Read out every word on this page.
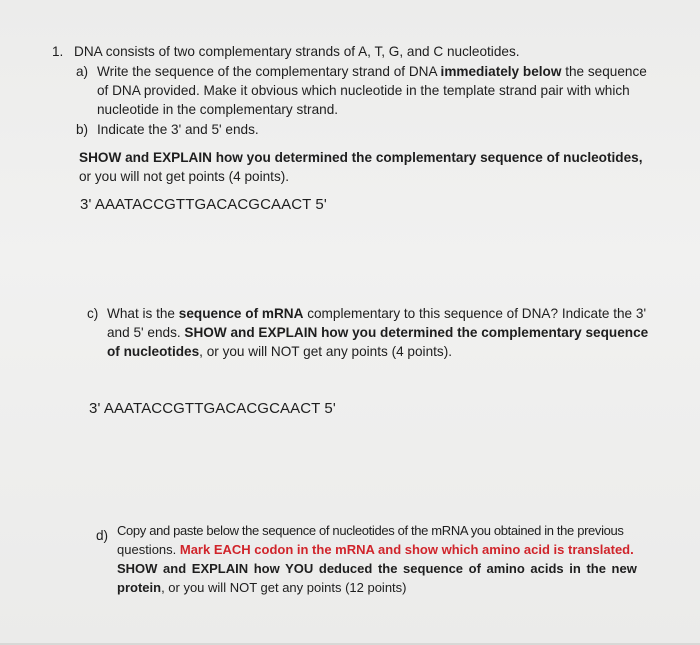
1. DNA consists of two complementary strands of A, T, G, and C nucleotides.
a) Write the sequence of the complementary strand of DNA immediately below the sequence
of DNA provided. Make it obvious which nucleotide in the template strand pair with which
nucleotide in the complementary strand.
b) Indicate the 3' and 5' ends.
SHOW and EXPLAIN how you determined the complementary sequence of nucleotides,
or you will not get points (4 points).
3' AAATACCGTTGACACGCAACT 5'
c) What is the sequence of mRNA complementary to this sequence of DNA? Indicate the 3'
and 5' ends. SHOW and EXPLAIN how you determined the complementary sequence
of nucleotides, or you will NOT get any points (4 points).
3' AAATACCGTTGACACGCAACT 5'
d) Copy and paste below the sequence of nucleotides of the mRNA you obtained in the previous
questions. Mark EACH codon in the mRNA and show which amino acid is translated.
SHOW and EXPLAIN how YOU deduced the sequence of amino acids in the new
protein, or you will NOT get any points (12 points)
